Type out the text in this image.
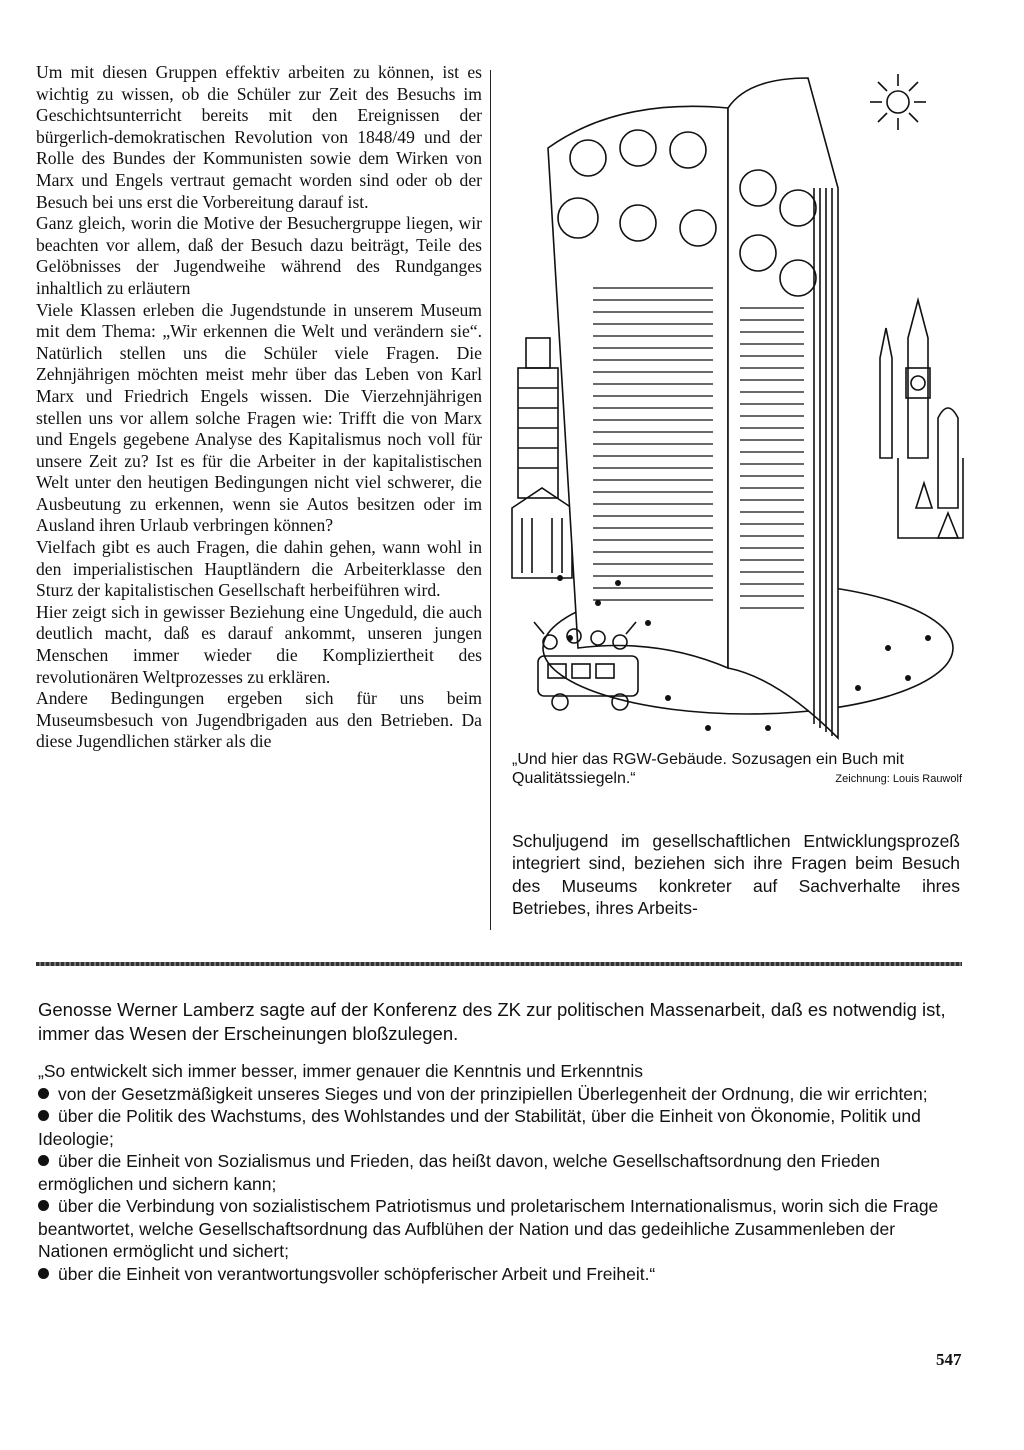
Um mit diesen Gruppen effektiv arbeiten zu können, ist es wichtig zu wissen, ob die Schüler zur Zeit des Besuchs im Geschichtsunterricht bereits mit den Ereignissen der bürgerlich-demokratischen Revolution von 1848/49 und der Rolle des Bundes der Kommunisten sowie dem Wirken von Marx und Engels vertraut gemacht worden sind oder ob der Besuch bei uns erst die Vorbereitung darauf ist.

Ganz gleich, worin die Motive der Besuchergruppe liegen, wir beachten vor allem, daß der Besuch dazu beiträgt, Teile des Gelöbnisses der Jugendweihe während des Rundganges inhaltlich zu erläutern

Viele Klassen erleben die Jugendstunde in unserem Museum mit dem Thema: „Wir erkennen die Welt und verändern sie“. Natürlich stellen uns die Schüler viele Fragen. Die Zehnjährigen möchten meist mehr über das Leben von Karl Marx und Friedrich Engels wissen. Die Vierzehnjährigen stellen uns vor allem solche Fragen wie: Trifft die von Marx und Engels gegebene Analyse des Kapitalismus noch voll für unsere Zeit zu? Ist es für die Arbeiter in der kapitalistischen Welt unter den heutigen Bedingungen nicht viel schwerer, die Ausbeutung zu erkennen, wenn sie Autos besitzen oder im Ausland ihren Urlaub verbringen können?

Vielfach gibt es auch Fragen, die dahin gehen, wann wohl in den imperialistischen Hauptländern die Arbeiterklasse den Sturz der kapitalistischen Gesellschaft herbeiführen wird.

Hier zeigt sich in gewisser Beziehung eine Ungeduld, die auch deutlich macht, daß es darauf ankommt, unseren jungen Menschen immer wieder die Kompliziertheit des revolutionären Weltprozesses zu erklären.

Andere Bedingungen ergeben sich für uns beim Museumsbesuch von Jugendbrigaden aus den Betrieben. Da diese Jugendlichen stärker als die

„Und hier das RGW-Gebäude. Sozusagen ein Buch mit Qualitätssiegeln.“	Zeichnung: Louis Rauwolf

Schuljugend im gesellschaftlichen Entwicklungsprozeß integriert sind, beziehen sich ihre Fragen beim Besuch des Museums konkreter auf Sachverhalte ihres Betriebes, ihres Arbeits-

Genosse Werner Lamberz sagte auf der Konferenz des ZK zur politischen Massenarbeit, daß es notwendig ist, immer das Wesen der Erscheinungen bloßzulegen.

„So entwickelt sich immer besser, immer genauer die Kenntnis und Erkenntnis

von der Gesetzmäßigkeit unseres Sieges und von der prinzipiellen Überlegenheit der Ordnung, die wir errichten;
über die Politik des Wachstums, des Wohlstandes und der Stabilität, über die Einheit von Ökonomie, Politik und Ideologie;
über die Einheit von Sozialismus und Frieden, das heißt davon, welche Gesellschaftsordnung den Frieden ermöglichen und sichern kann;
über die Verbindung von sozialistischem Patriotismus und proletarischem Internationalismus, worin sich die Frage beantwortet, welche Gesellschaftsordnung das Aufblühen der Nation und das gedeihliche Zusammenleben der Nationen ermöglicht und sichert;
über die Einheit von verantwortungsvoller schöpferischer Arbeit und Freiheit.“
547
